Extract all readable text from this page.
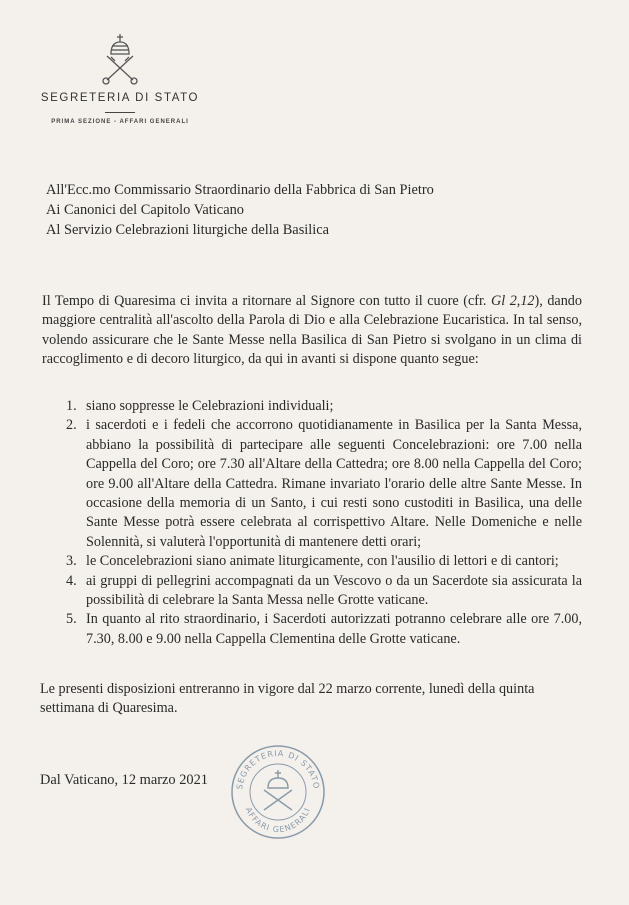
SEGRETERIA DI STATO
PRIMA SEZIONE - AFFARI GENERALI
All'Ecc.mo Commissario Straordinario della Fabbrica di San Pietro
Ai Canonici del Capitolo Vaticano
Al Servizio Celebrazioni liturgiche della Basilica

Il Tempo di Quaresima ci invita a ritornare al Signore con tutto il cuore (cfr. Gl 2,12), dando maggiore centralità all'ascolto della Parola di Dio e alla Celebrazione Eucaristica. In tal senso, volendo assicurare che le Sante Messe nella Basilica di San Pietro si svolgano in un clima di raccoglimento e di decoro liturgico, da qui in avanti si dispone quanto segue:

1. siano soppresse le Celebrazioni individuali;
2. i sacerdoti e i fedeli che accorrono quotidianamente in Basilica per la Santa Messa, abbiano la possibilità di partecipare alle seguenti Concelebrazioni: ore 7.00 nella Cappella del Coro; ore 7.30 all'Altare della Cattedra; ore 8.00 nella Cappella del Coro; ore 9.00 all'Altare della Cattedra. Rimane invariato l'orario delle altre Sante Messe. In occasione della memoria di un Santo, i cui resti sono custoditi in Basilica, una delle Sante Messe potrà essere celebrata al corrispettivo Altare. Nelle Domeniche e nelle Solennità, si valuterà l'opportunità di mantenere detti orari;
3. le Concelebrazioni siano animate liturgicamente, con l'ausilio di lettori e di cantori;
4. ai gruppi di pellegrini accompagnati da un Vescovo o da un Sacerdote sia assicurata la possibilità di celebrare la Santa Messa nelle Grotte vaticane.
5. In quanto al rito straordinario, i Sacerdoti autorizzati potranno celebrare alle ore 7.00, 7.30, 8.00 e 9.00 nella Cappella Clementina delle Grotte vaticane.
Le presenti disposizioni entreranno in vigore dal 22 marzo corrente, lunedì della quinta settimana di Quaresima.
Dal Vaticano, 12 marzo 2021	SEGRETERIA DI STATO
AFFARI GENERALI
